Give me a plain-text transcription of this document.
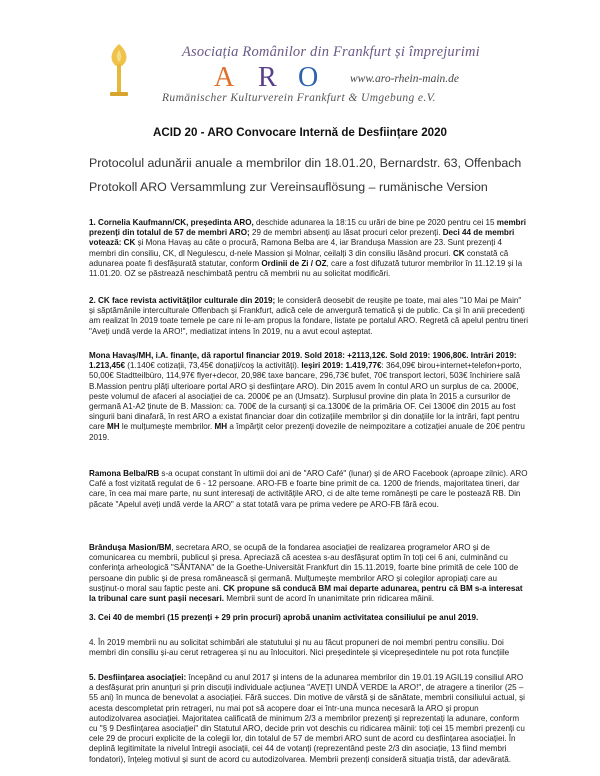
Asociația Românilor din Frankfurt și împrejurimi
A R O	www.aro-rhein-main.de
Rumänischer Kulturverein Frankfurt & Umgebung e.V.
ACID 20 - ARO Convocare Internă de Desființare 2020
Protocolul adunării anuale a membrilor din 18.01.20, Bernardstr. 63, Offenbach
Protokoll ARO Versammlung zur Vereinsauflösung – rumänische Version
1. Cornelia Kaufmann/CK, președinta ARO, deschide adunarea la 18:15 cu urări de bine pe 2020 pentru cei 15 membri prezenți din totalul de 57 de membri ARO; 29 de membri absenți au lăsat procuri celor prezenți. Deci 44 de membri votează: CK și Mona Havaș au câte o procură, Ramona Belba are 4, iar Brandușa Massion are 23. Sunt prezenți 4 membri din consiliu, CK, dl Negulescu, d-nele Massion și Molnar, ceilalți 3 din consiliu lăsând procuri. CK constată că adunarea poate fi desfășurată statutar, conform Ordinii de Zi / OZ, care a fost difuzată tuturor membrilor în 11.12.19 și la 11.01.20. OZ se păstrează neschimbată pentru că membrii nu au solicitat modificări.
2. CK face revista activităților culturale din 2019; le consideră deosebit de reușite pe toate, mai ales "10 Mai pe Main" și săptămânile interculturale Offenbach și Frankfurt, adică cele de anvergură tematică și de public. Ca și în anii precedenți am realizat în 2019 toate temele pe care ni le-am propus la fondare, listate pe portalul ARO. Regretă că apelul pentru tineri "Aveți undă verde la ARO!", mediatizat intens în 2019, nu a avut ecoul așteptat.
Mona Havaș/MH, i.A. finanțe, dă raportul financiar 2019. Sold 2018: +2113,12€. Sold 2019: 1906,80€. Intrări 2019: 1.213,45€ (1.140€ cotizații, 73,45€ donații/coș la activități). Ieșiri 2019: 1.419,77€: 364,09€ birou+internet+telefon+porto, 50,00€ Stadtteilbüro, 114,97€ flyer+decor, 20,98€ taxe bancare, 296,73€ bufet, 70€ transport lectori, 503€ închiriere sală B.Massion pentru plăți ulterioare portal ARO și desființare ARO). Din 2015 avem în contul ARO un surplus de ca. 2000€, peste volumul de afaceri al asociației de ca. 2000€ pe an (Umsatz). Surplusul provine din plata în 2015 a cursurilor de germană A1-A2 ținute de B. Massion: ca. 700€ de la cursanți și ca.1300€ de la primăria OF. Cei 1300€ din 2015 au fost singurii bani dinafară, în rest ARO a existat financiar doar din cotizațiile membrilor și din donațiile lor la intrări, fapt pentru care MH le mulțumește membrilor. MH a împărțit celor prezenți dovezile de neimpozitare a cotizației anuale de 20€ pentru 2019.
Ramona Belba/RB s-a ocupat constant în ultimii doi ani de "ARO Café" (lunar) și de ARO Facebook (aproape zilnic). ARO Café a fost vizitată regulat de 6 - 12 persoane. ARO-FB e foarte bine primit de ca. 1200 de friends, majoritatea tineri, dar care, în cea mai mare parte, nu sunt interesați de activitățile ARO, ci de alte teme românești pe care le postează RB. Din păcate "Apelul aveți undă verde la ARO" a stat totată vara pe prima vedere pe ARO-FB fără ecou.
Brândușa Masion/BM, secretara ARO, se ocupă de la fondarea asociației de realizarea programelor ARO și de comunicarea cu membrii, publicul și presa. Apreciază că acestea s-au desfășurat optim în toți cei 6 ani, culminând cu conferința arheologică "SÂNTANA" de la Goethe-Universität Frankfurt din 15.11.2019, foarte bine primită de cele 100 de persoane din public și de presa românească și germană. Mulțumește membrilor ARO și colegilor apropiați care au susținut-o moral sau faptic peste ani. CK propune să conducă BM mai departe adunarea, pentru că BM s-a interesat la tribunal care sunt pașii necesari. Membrii sunt de acord în unanimitate prin ridicarea mâinii.
3. Cei 40 de membri (15 prezenți + 29 prin procuri) aprobă unanim activitatea consiliului pe anul 2019.
4. În 2019 membrii nu au solicitat schimbări ale statutului și nu au făcut propuneri de noi membri pentru consiliu. Doi membri din consiliu și-au cerut retragerea și nu au înlocuitori. Nici președintele și vicepreședintele nu pot rota funcțiile
5. Desființarea asociației: începând cu anul 2017 și intens de la adunarea membrilor din 19.01.19 AGIL19 consiliul ARO a desfășurat prin anunțuri și prin discuții individuale acțiunea "AVEȚI UNDĂ VERDE la ARO!", de atragere a tinerilor (25 – 55 ani) în munca de benevolat a asociației. Fără succes. Din motive de vârstă și de sănătate, membrii consiliului actual, și acesta descompletat prin retrageri, nu mai pot să acopere doar ei într-una munca necesară la ARO și propun autodizolvarea asociației. Majoritatea calificată de minimum 2/3 a membrilor prezenți și reprezentați la adunare, conform cu "§ 9 Desființarea asociației" din Statutul ARO, decide prin vot deschis cu ridicarea mâinii: toți cei 15 membri prezenți cu cele 29 de procuri explicite de la colegii lor, din totalul de 57 de membri ARO sunt de acord cu desființarea asociației. În deplină legitimitate la nivelul întregii asociații, cei 44 de votanți (reprezentând peste 2/3 din asociație, 13 fiind membri fondatori), înțeleg motivul și sunt de acord cu autodizolvarea. Membrii prezenți consideră situația tristă, dar adevărată.
